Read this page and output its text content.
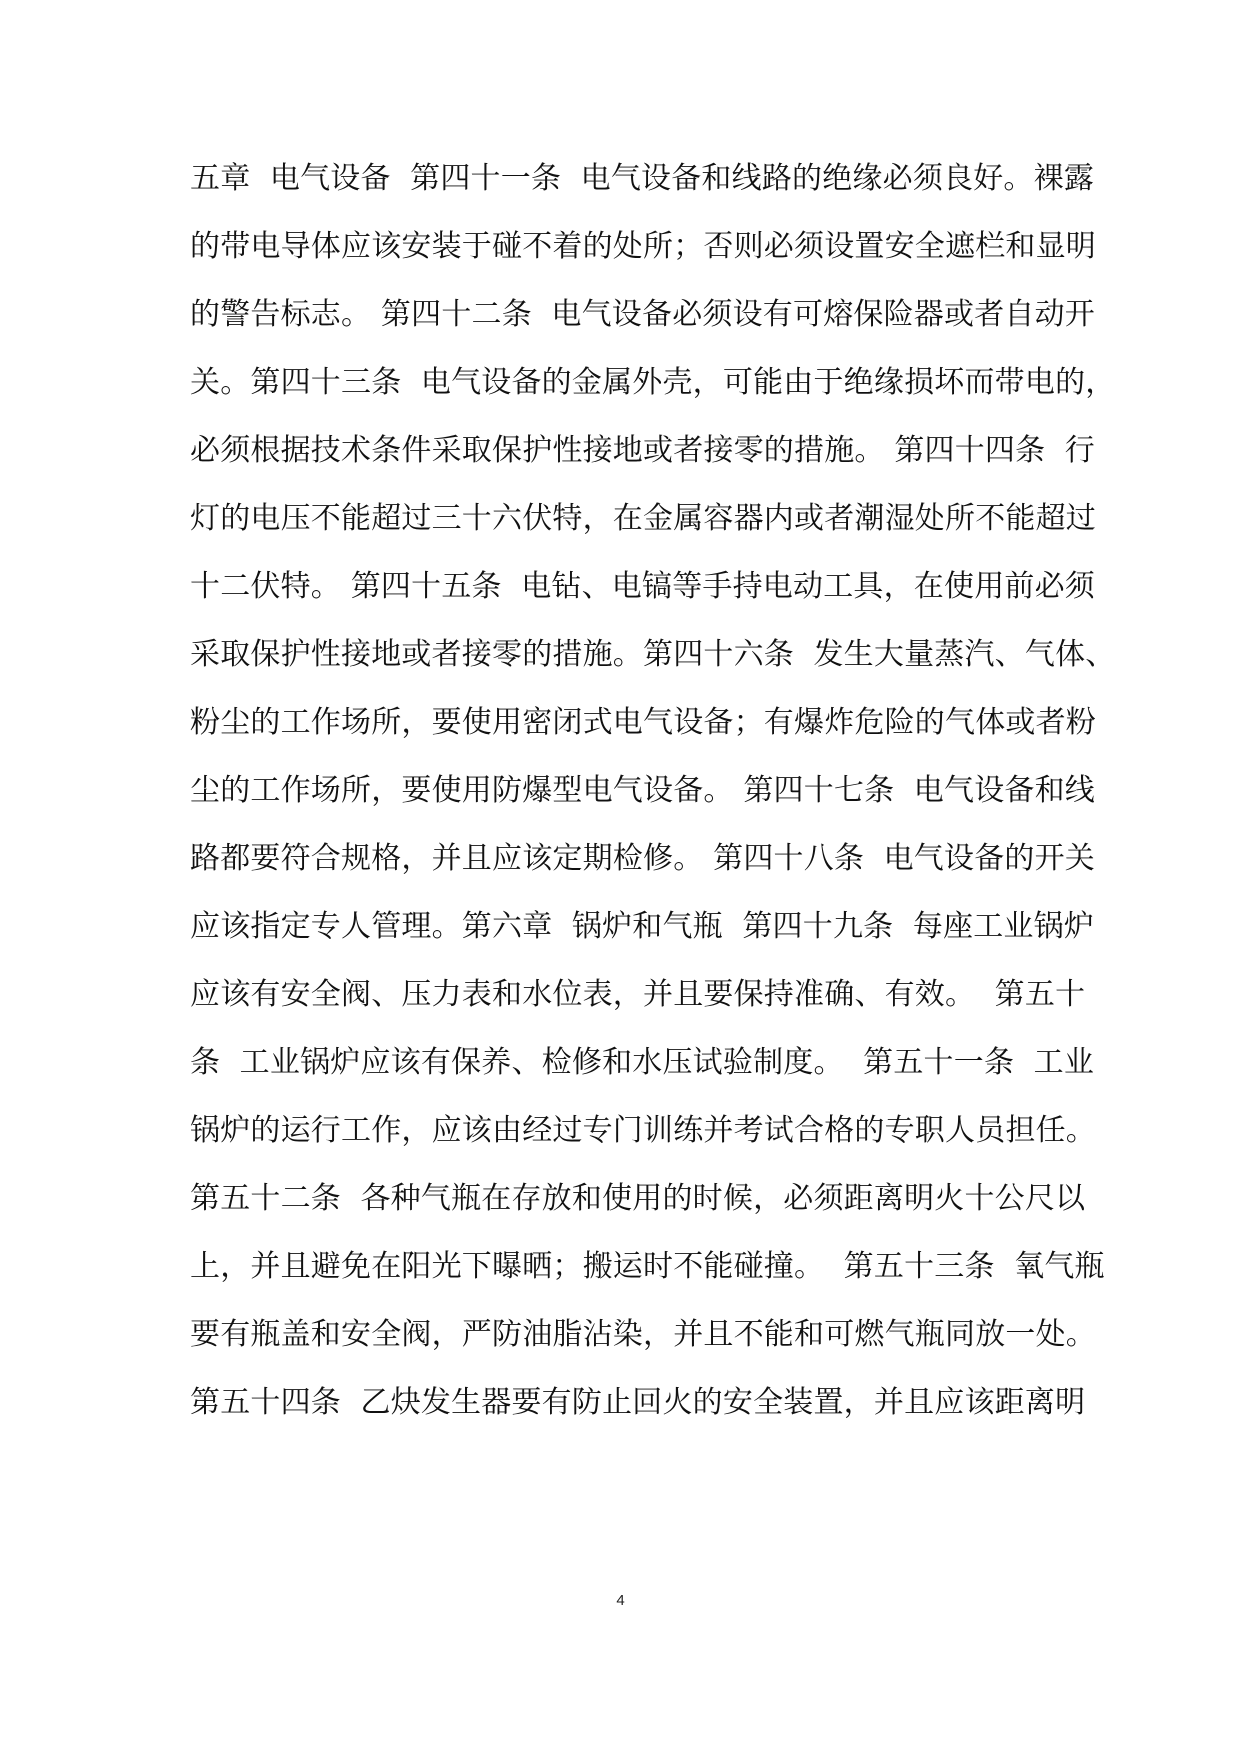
五章  电气设备  第四十一条  电气设备和线路的绝缘必须良好。裸露
的带电导体应该安装于碰不着的处所；否则必须设置安全遮栏和显明
的警告标志。 第四十二条  电气设备必须设有可熔保险器或者自动开
关。第四十三条  电气设备的金属外壳，可能由于绝缘损坏而带电的，
必须根据技术条件采取保护性接地或者接零的措施。 第四十四条  行
灯的电压不能超过三十六伏特，在金属容器内或者潮湿处所不能超过
十二伏特。 第四十五条  电钻、电镐等手持电动工具，在使用前必须
采取保护性接地或者接零的措施。第四十六条  发生大量蒸汽、气体、
粉尘的工作场所，要使用密闭式电气设备；有爆炸危险的气体或者粉
尘的工作场所，要使用防爆型电气设备。 第四十七条  电气设备和线
路都要符合规格，并且应该定期检修。 第四十八条  电气设备的开关
应该指定专人管理。第六章  锅炉和气瓶  第四十九条  每座工业锅炉
应该有安全阀、压力表和水位表，并且要保持准确、有效。  第五十
条  工业锅炉应该有保养、检修和水压试验制度。  第五十一条  工业
锅炉的运行工作，应该由经过专门训练并考试合格的专职人员担任。
第五十二条  各种气瓶在存放和使用的时候，必须距离明火十公尺以
上，并且避免在阳光下曝晒；搬运时不能碰撞。  第五十三条  氧气瓶
要有瓶盖和安全阀，严防油脂沾染，并且不能和可燃气瓶同放一处。
第五十四条  乙炔发生器要有防止回火的安全装置，并且应该距离明
4
